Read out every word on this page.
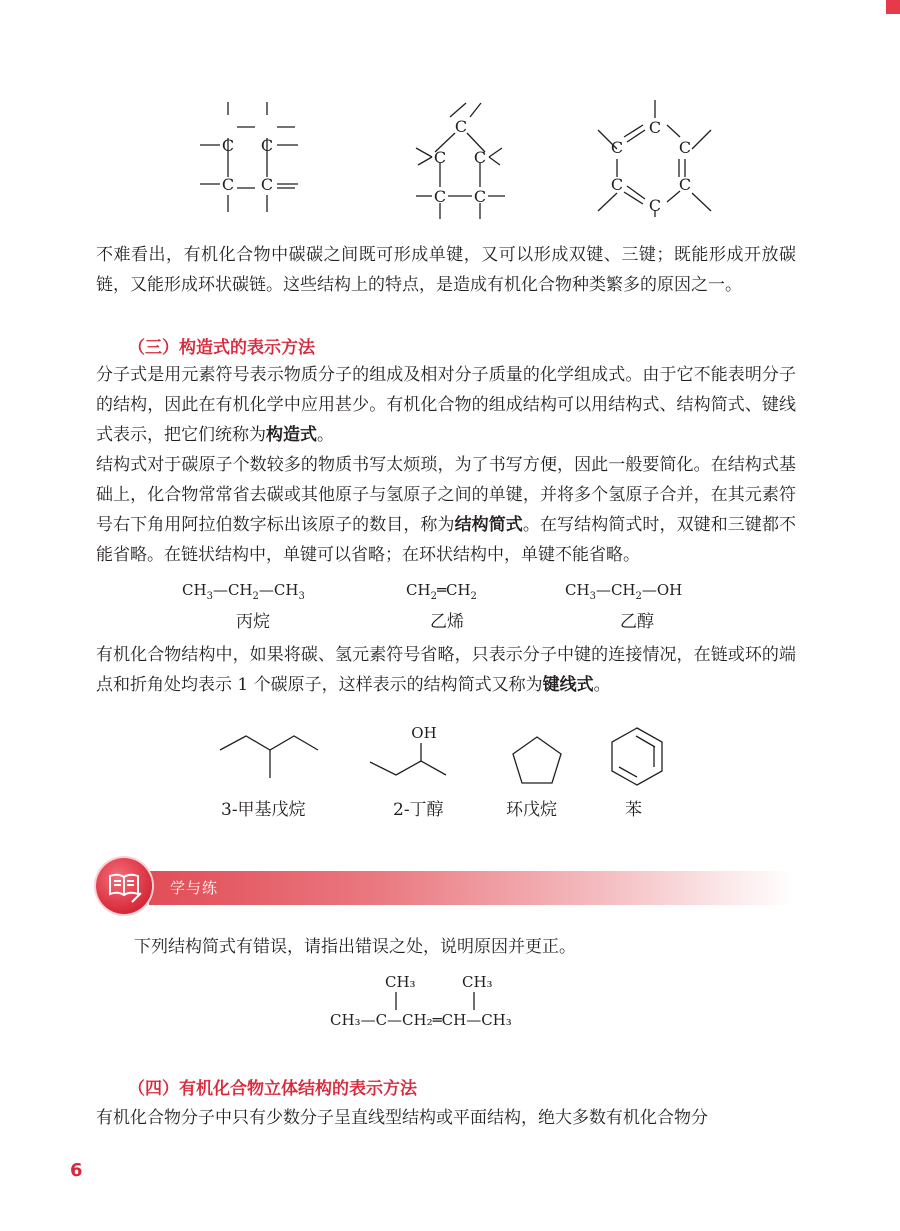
C C
C C
C
C C
C C
C
C	C
C	C
C

不难看出，有机化合物中碳碳之间既可形成单键，又可以形成双键、三键；既能形成开放碳链，又能形成环状碳链。这些结构上的特点，是造成有机化合物种类繁多的原因之一。

（三）构造式的表示方法

分子式是用元素符号表示物质分子的组成及相对分子质量的化学组成式。由于它不能表明分子的结构，因此在有机化学中应用甚少。有机化合物的组成结构可以用结构式、结构简式、键线式表示，把它们统称为构造式。

结构式对于碳原子个数较多的物质书写太烦琐，为了书写方便，因此一般要简化。在结构式基础上，化合物常常省去碳或其他原子与氢原子之间的单键，并将多个氢原子合并，在其元素符号右下角用阿拉伯数字标出该原子的数目，称为结构简式。在写结构简式时，双键和三键都不能省略。在链状结构中，单键可以省略；在环状结构中，单键不能省略。

$CH_3—CH_2—CH_3$
丙烷
$CH_2═CH_2$
乙烯
$CH_3—CH_2—OH$
乙醇

有机化合物结构中，如果将碳、氢元素符号省略，只表示分子中键的连接情况，在链或环的端点和折角处均表示 1 个碳原子，这样表示的结构简式又称为键线式。

OH
3-甲基戊烷	2-丁醇	环戊烷	苯
学与练
下列结构简式有错误，请指出错误之处，说明原因并更正。
CH₃	CH₃
CH₃—C—CH₂═CH—CH₃
（四）有机化合物立体结构的表示方法

有机化合物分子中只有少数分子呈直线型结构或平面结构，绝大多数有机化合物分

6
